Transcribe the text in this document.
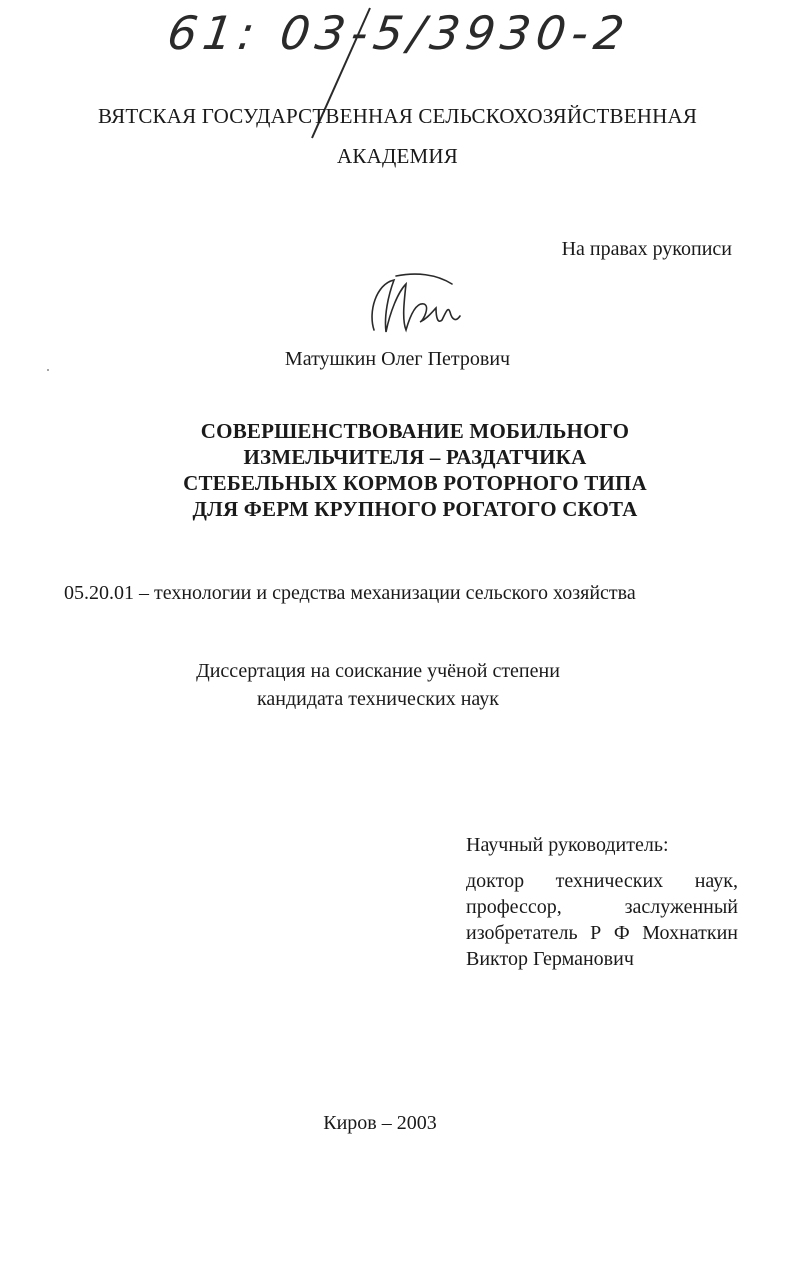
61: 03-5/3930-2
ВЯТСКАЯ ГОСУДАРСТВЕННАЯ СЕЛЬСКОХОЗЯЙСТВЕННАЯ
АКАДЕМИЯ
На правах рукописи
Матушкин Олег Петрович
СОВЕРШЕНСТВОВАНИЕ МОБИЛЬНОГО
ИЗМЕЛЬЧИТЕЛЯ – РАЗДАТЧИКА
СТЕБЕЛЬНЫХ КОРМОВ РОТОРНОГО ТИПА
ДЛЯ ФЕРМ КРУПНОГО РОГАТОГО СКОТА
05.20.01 – технологии и средства механизации сельского хозяйства
Диссертация на соискание учёной степени
кандидата технических наук
Научный руководитель:
доктор технических наук,
профессор, заслуженный
изобретатель Р Ф Мохнаткин
Виктор Германович
Киров – 2003
